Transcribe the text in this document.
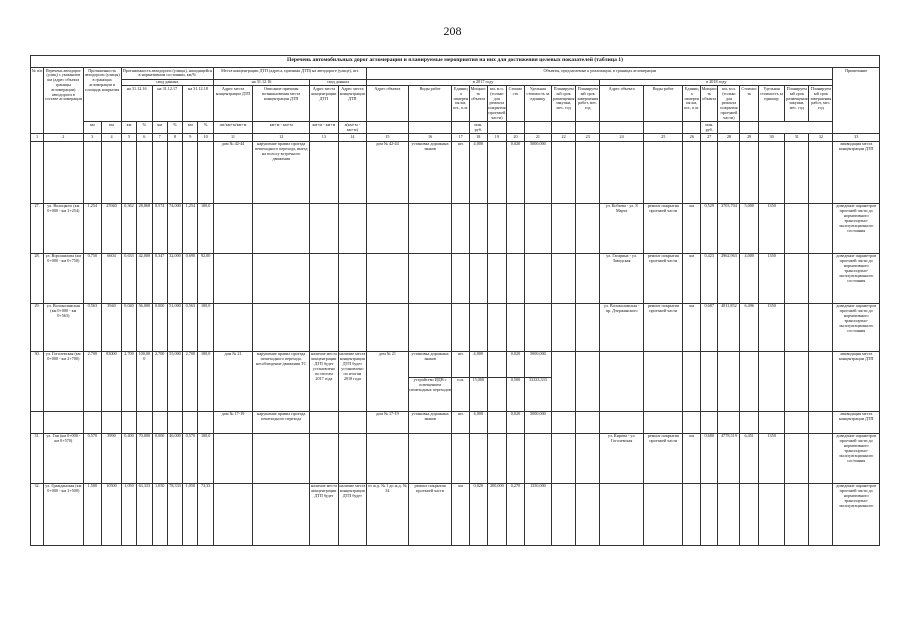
208
Перечень автомобильных дорог агломерации и планируемые мероприятия на них для достижения целевых показателей (таблица 1)																																
№ п/п	Перечень автодорог (улиц) с указанием км (адрес объекта границы агломерации) автодороги в составе агломерации	Протяженность автодороги (улицы) в границах агломерации и площадь покрытия		Протяженность автодороги (улицы), находящейся в нормативном состоянии, км/%						Места концентрации ДТП (адреса, причины ДТП) на автодороге (улице), шт.				Объекты, предлагаемые к реализации, в границах агломерации																		Примечание
				свод данных						на 31.12.16		свод данных		в 2017 году									в 2018 году									
				на 31.12.16		на 31.12.17		на 31.12.18		Адрес места концентрации ДТП	Описание причины возникновения места концентрации ДТП	Адрес места концентрации ДТП	Адрес места концентрации ДТП	Адрес объекта	Виды работ	Единица измерения км, шт., п.м.	Мощность объекта	км, м.п. (только для ремонта покрытия проезжей части)	Стоимость	Удельная стоимость за единицу	Планируемый срок размещения закупки, мес. год	Планируемый срок завершения работ, мес. год	Адрес объекта	Виды работ	Единица измерения км, шт., п.м.	Мощность объекта	км, м.п. (только для ремонта покрытия проезжей части)	Стоимость	Удельная стоимость за единицу	Планируемый срок размещения закупки, мес. год	Планируемый срок завершения работ, мес. год	
		км	км	км	%	км	%	км	%	шт/км+м/км+м	км+м - км+м	км+м - км+м	а(км+м - км+м)				млн. руб.									млн. руб.						
1	2	3	4	5	6	7	8	9	10	11	12	13	14	15	16	17	18	19	20	21	22	23	24	25	26	27	28	29	30	31	32	33
										дом № 42-44	нарушение правил проезда пешеходного перехода, выезд на полосу встречного движения			дом № 42-44	установка дорожных знаков	шт.	4,000		0,020	5000,000												ликвидация места концентрации ДТП
27.	ул. Волоцкого (км 0+000 - км 1+254)	1,254	25940	0,362	28,868	0,574	74,000	1,254	100,0														ул. Кобзева - ул. 8 Марта	ремонт покрытия проезжей части	км	0,529	3703,704	5,000	1350			доведение параметров проезжей части до нормативного транспортно-эксплуатационного состояния
28.	ул. Ворошилова (км 0+000 - км 0+750)	0,750	6604	0,633	42,000	0,347	32,000	0,690	92,00														ул. Гагарина - ул. Заводская	ремонт покрытия проезжей части	км	0,423	2962,963	4,000	1350			доведение параметров проезжей части до нормативного транспортно-эксплуатационного состояния
29.	ул. Волоколамская (км 0+000 - км 0+563)	0,563	3940	0,040	56,000	0,000	51,000	0,563	100,0														ул. Волоколамская - пр. Дзержинского	ремонт покрытия проезжей части	км	0,687	4811,852	6,496	1350			доведение параметров проезжей части до нормативного транспортно-эксплуатационного состояния
30.	ул. Гоголевская (км 0+000 - км 2+700)	2,700	83000	2,700	100,000	2,700	55,000	2,700	100,0	дом № 21	нарушение правил проезда пешеходного перехода, несоблюдение движения ТС	наличие места концентрации ДТП будет установлено по итогам 2017 года	наличие места концентрации ДТП будет установлено по итогам 2018 года	дом № 21	установка дорожных знаков	шт.	4,000		0,020	5000,000												ликвидация места концентрации ДТП
															устройство ИДН с освещением пешеходных переходов	п.м.	15,000		0,500	33333,333												
										дом № 17-19	нарушение правил проезда пешеходного перехода			дом № 17-19	установка дорожных знаков	шт.	4,000		0,020	5000,000												ликвидация места концентрации ДТП
31.	ул. Гаи (км 0+000 - км 0+570)	0,570	3990	0,400	70,000	0,000	46,000	0,570	100,0														ул. Кирова - ул. Гоголевская	ремонт покрытия проезжей части	км	0,680	4778,519	6,451	1350			доведение параметров проезжей части до нормативного транспортно-эксплуатационного состояния
32.	ул. Гражданская (км 0+000 - км 1+500)	1,500	10500	1,050	63,333	1,050	78,333	1,050	73,33			наличие места концентрации ДТП будет	наличие места концентрации ДТП будет	от ж.д. № 1 до ж.д. № 34	ремонт покрытия проезжей части	км	0,020	200,000	0,270	1350,000												доведение параметров проезжей части до нормативного транспортно-эксплуатационного
